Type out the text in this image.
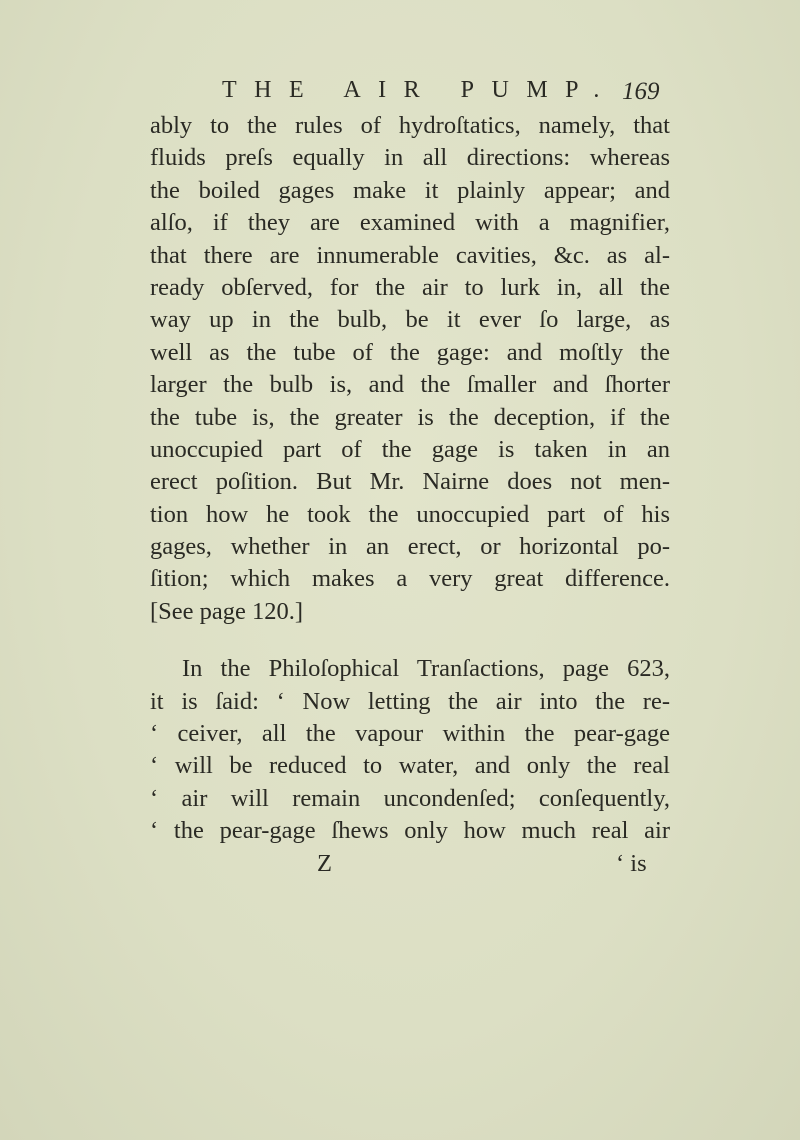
THE AIR PUMP. 169
ably to the rules of hydroſtatics, namely, that
fluids preſs equally in all directions: whereas
the boiled gages make it plainly appear; and
alſo, if they are examined with a magnifier,
that there are innumerable cavities, &c. as al-
ready obſerved, for the air to lurk in, all the
way up in the bulb, be it ever ſo large, as
well as the tube of the gage: and moſtly the
larger the bulb is, and the ſmaller and ſhorter
the tube is, the greater is the deception, if the
unoccupied part of the gage is taken in an
erect poſition. But Mr. Nairne does not men-
tion how he took the unoccupied part of his
gages, whether in an erect, or horizontal po-
ſition; which makes a very great difference.
[See page 120.]
In the Philoſophical Tranſactions, page 623,
it is ſaid: ‘ Now letting the air into the re-
‘ ceiver, all the vapour within the pear-gage
‘ will be reduced to water, and only the real
‘ air will remain uncondenſed; conſequently,
‘ the pear-gage ſhews only how much real air
Z	‘ is
